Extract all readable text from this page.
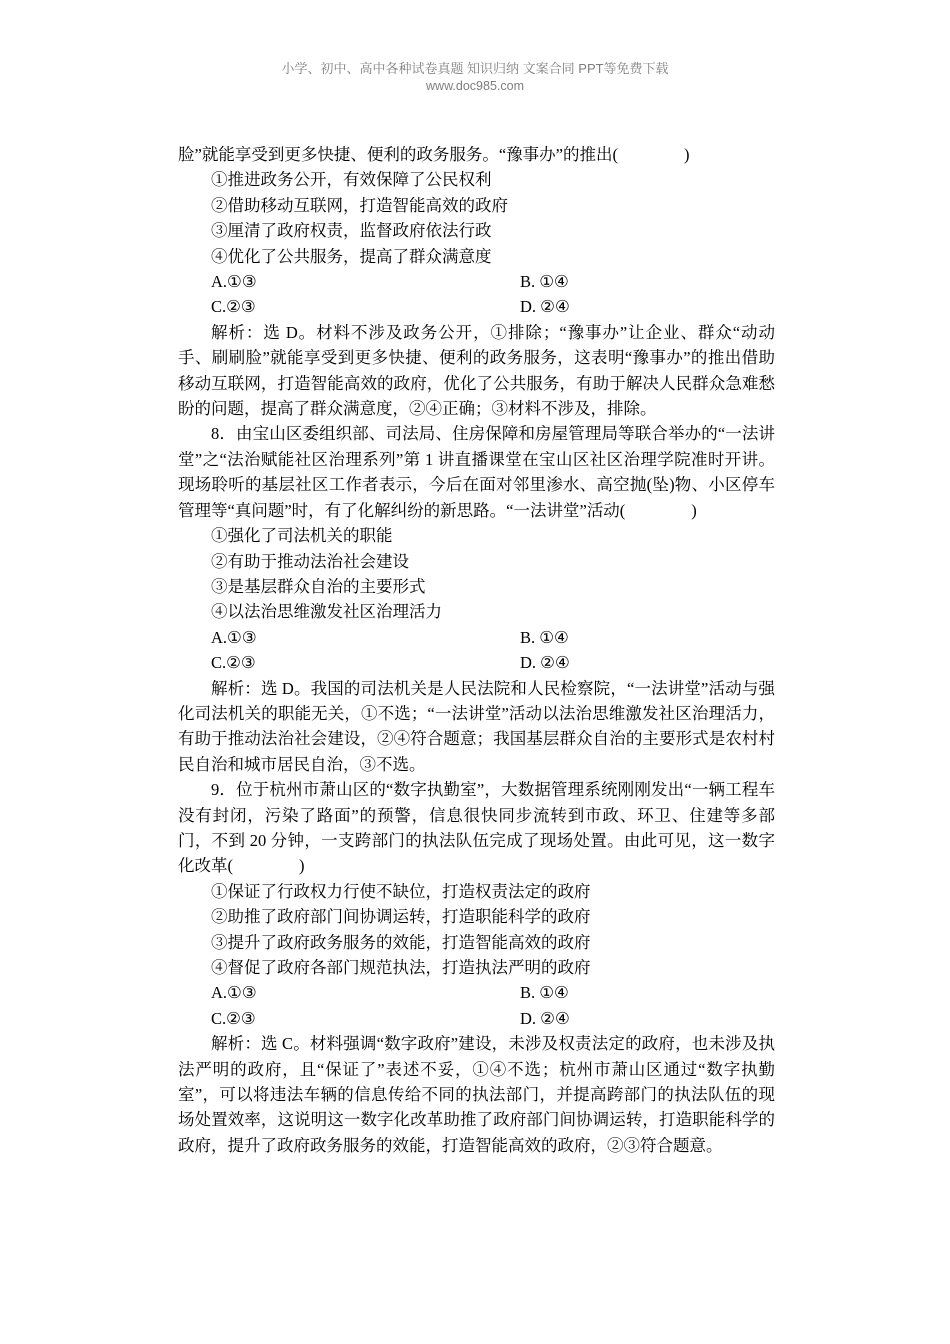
小学、初中、高中各种试卷真题 知识归纳 文案合同 PPT等免费下载
www.doc985.com

脸”就能享受到更多快捷、便利的政务服务。“豫事办”的推出(　　　　)

①推进政务公开，有效保障了公民权利

②借助移动互联网，打造智能高效的政府

③厘清了政府权责，监督政府依法行政

④优化了公共服务，提高了群众满意度

A.①③	B. ①④
C.②③	D. ②④

解析：选 D。材料不涉及政务公开，①排除；“豫事办”让企业、群众“动动手、刷刷脸”就能享受到更多快捷、便利的政务服务，这表明“豫事办”的推出借助移动互联网，打造智能高效的政府，优化了公共服务，有助于解决人民群众急难愁盼的问题，提高了群众满意度，②④正确；③材料不涉及，排除。

8．由宝山区委组织部、司法局、住房保障和房屋管理局等联合举办的“一法讲堂”之“法治赋能社区治理系列”第 1 讲直播课堂在宝山区社区治理学院准时开讲。现场聆听的基层社区工作者表示，今后在面对邻里渗水、高空抛(坠)物、小区停车管理等“真问题”时，有了化解纠纷的新思路。“一法讲堂”活动(　　　　)

①强化了司法机关的职能

②有助于推动法治社会建设

③是基层群众自治的主要形式

④以法治思维激发社区治理活力

A.①③	B. ①④
C.②③	D. ②④

解析：选 D。我国的司法机关是人民法院和人民检察院，“一法讲堂”活动与强化司法机关的职能无关，①不选；“一法讲堂”活动以法治思维激发社区治理活力，有助于推动法治社会建设，②④符合题意；我国基层群众自治的主要形式是农村村民自治和城市居民自治，③不选。

9．位于杭州市萧山区的“数字执勤室”，大数据管理系统刚刚发出“一辆工程车没有封闭，污染了路面”的预警，信息很快同步流转到市政、环卫、住建等多部门，不到 20 分钟，一支跨部门的执法队伍完成了现场处置。由此可见，这一数字化改革(　　　　)

①保证了行政权力行使不缺位，打造权责法定的政府

②助推了政府部门间协调运转，打造职能科学的政府

③提升了政府政务服务的效能，打造智能高效的政府

④督促了政府各部门规范执法，打造执法严明的政府

A.①③	B. ①④
C.②③	D. ②④

解析：选 C。材料强调“数字政府”建设，未涉及权责法定的政府，也未涉及执法严明的政府，且“保证了”表述不妥，①④不选；杭州市萧山区通过“数字执勤室”，可以将违法车辆的信息传给不同的执法部门，并提高跨部门的执法队伍的现场处置效率，这说明这一数字化改革助推了政府部门间协调运转，打造职能科学的政府，提升了政府政务服务的效能，打造智能高效的政府，②③符合题意。
